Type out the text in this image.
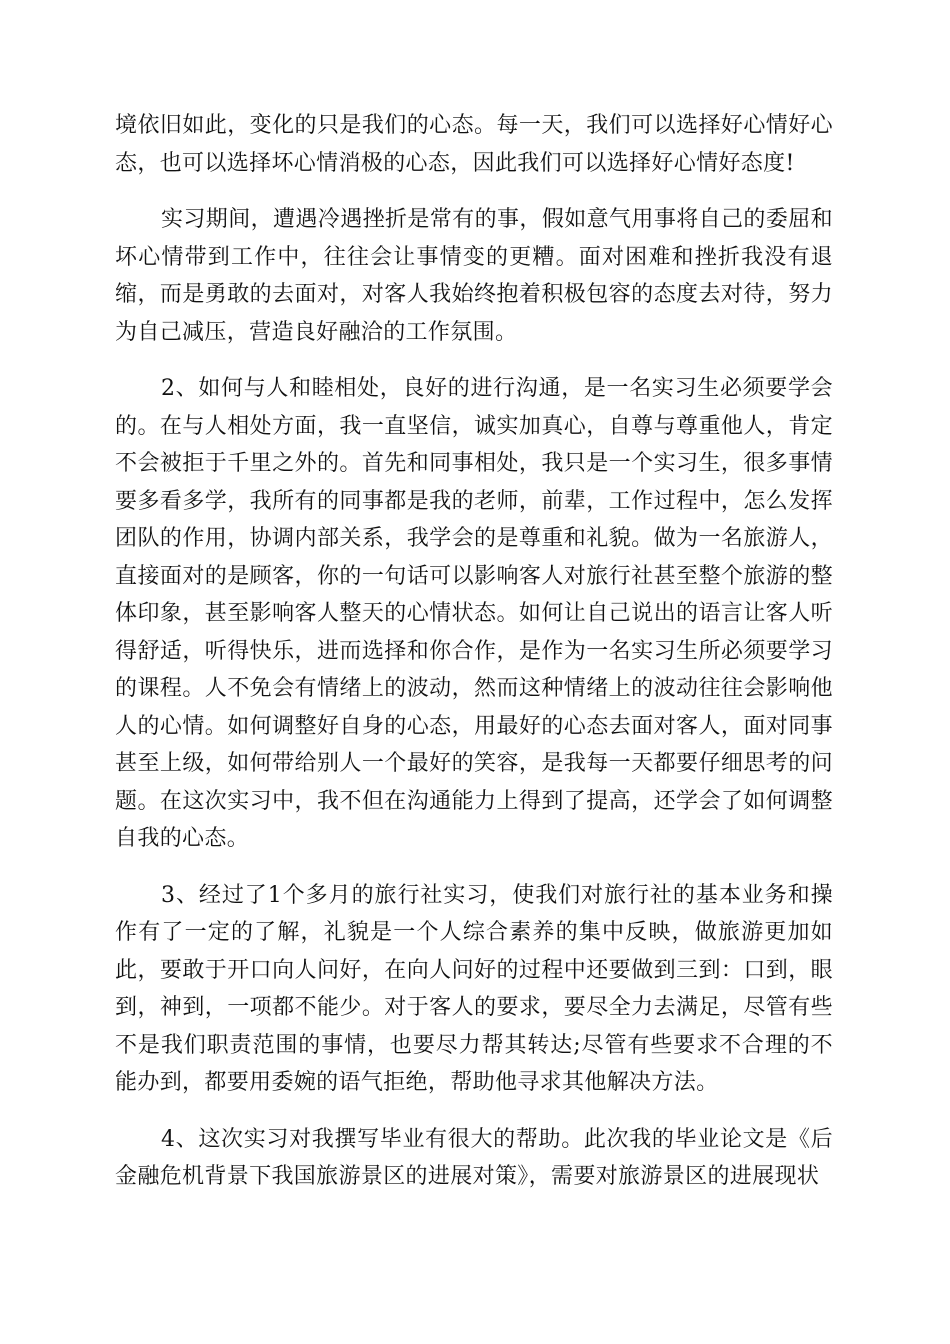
境依旧如此，变化的只是我们的心态。每一天，我们可以选择好心情好心态，也可以选择坏心情消极的心态，因此我们可以选择好心情好态度!

实习期间，遭遇冷遇挫折是常有的事，假如意气用事将自己的委屈和坏心情带到工作中，往往会让事情变的更糟。面对困难和挫折我没有退缩，而是勇敢的去面对，对客人我始终抱着积极包容的态度去对待，努力为自己减压，营造良好融洽的工作氛围。

2、如何与人和睦相处，良好的进行沟通，是一名实习生必须要学会的。在与人相处方面，我一直坚信，诚实加真心，自尊与尊重他人，肯定不会被拒于千里之外的。首先和同事相处，我只是一个实习生，很多事情要多看多学，我所有的同事都是我的老师，前辈，工作过程中，怎么发挥团队的作用，协调内部关系，我学会的是尊重和礼貌。做为一名旅游人，直接面对的是顾客，你的一句话可以影响客人对旅行社甚至整个旅游的整体印象，甚至影响客人整天的心情状态。如何让自己说出的语言让客人听得舒适，听得快乐，进而选择和你合作，是作为一名实习生所必须要学习的课程。人不免会有情绪上的波动，然而这种情绪上的波动往往会影响他人的心情。如何调整好自身的心态，用最好的心态去面对客人，面对同事甚至上级，如何带给别人一个最好的笑容，是我每一天都要仔细思考的问题。在这次实习中，我不但在沟通能力上得到了提高，还学会了如何调整自我的心态。

3、经过了1个多月的旅行社实习，使我们对旅行社的基本业务和操作有了一定的了解，礼貌是一个人综合素养的集中反映，做旅游更加如此，要敢于开口向人问好，在向人问好的过程中还要做到三到：口到，眼到，神到，一项都不能少。对于客人的要求，要尽全力去满足，尽管有些不是我们职责范围的事情，也要尽力帮其转达;尽管有些要求不合理的不能办到，都要用委婉的语气拒绝，帮助他寻求其他解决方法。

4、这次实习对我撰写毕业有很大的帮助。此次我的毕业论文是《后金融危机背景下我国旅游景区的进展对策》，需要对旅游景区的进展现状
